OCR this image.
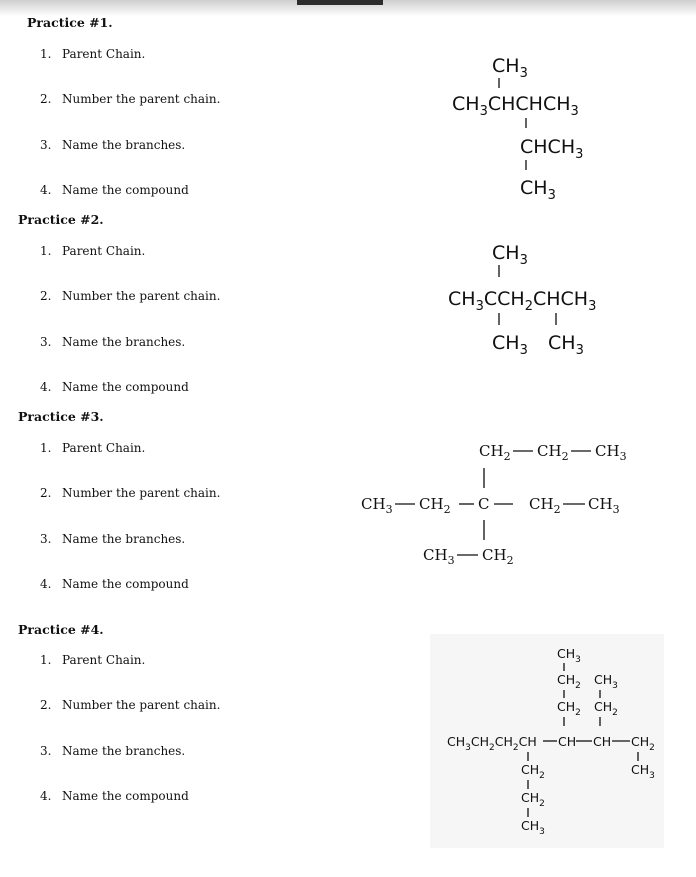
Practice #1.
1. Parent Chain.
2. Number the parent chain.
3. Name the branches.
4. Name the compound
$CH_3$
$CH_3CHCHCH_3$
$CHCH_3$
$CH_3$
Practice #2.
1. Parent Chain.
2. Number the parent chain.
3. Name the branches.
4. Name the compound
$CH_3$
$CH_3CCH_2CHCH_3$
$CH_3$ $CH_3$
Practice #3.
1. Parent Chain.
2. Number the parent chain.
3. Name the branches.
4. Name the compound
$CH_2$ $CH_2$ $CH_3$
$CH_3$ $CH_2$ C	$CH_2$ $CH_3$
$CH_3$ $CH_2$
Practice #4.
1. Parent Chain.
2. Number the parent chain.
3. Name the branches.
4. Name the compound
$CH_3$
$CH_2$
$CH_2$
$CH_3$
$CH_2$
$CH_3CH_2CH_2CH$ CH CH $CH_2$
$CH_3$
$CH_2$
$CH_2$
$CH_3$
